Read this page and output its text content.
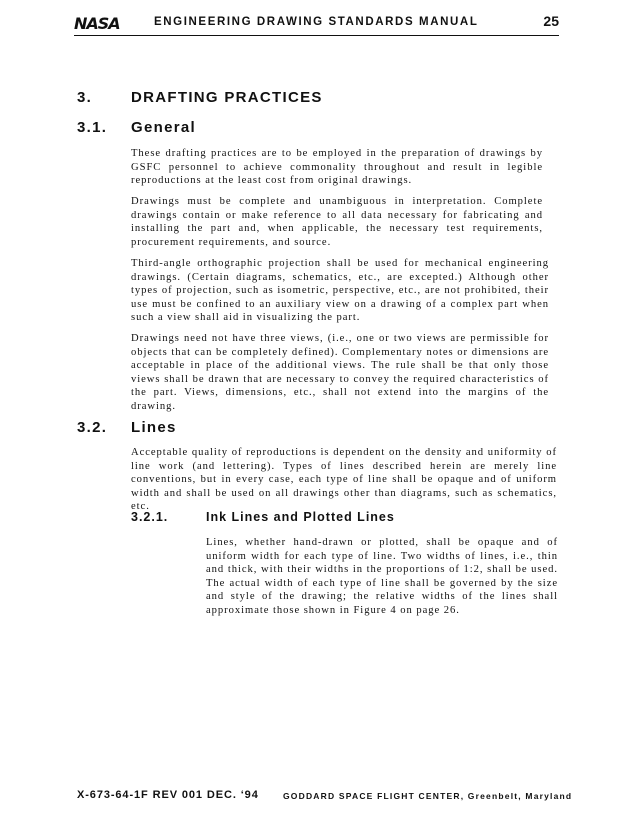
NASA	ENGINEERING DRAWING STANDARDS MANUAL	25
3.	DRAFTING PRACTICES
3.1. General

These drafting practices are to be employed in the preparation of drawings by GSFC personnel to achieve commonality throughout and result in legible reproductions at the least cost from original drawings.

Drawings must be complete and unambiguous in interpretation. Complete drawings contain or make reference to all data necessary for fabricating and installing the part and, when applicable, the necessary test requirements, procurement requirements, and source.

Third-angle orthographic projection shall be used for mechanical engineering drawings. (Certain diagrams, schematics, etc., are excepted.) Although other types of projection, such as isometric, perspective, etc., are not prohibited, their use must be confined to an auxiliary view on a drawing of a complex part when such a view shall aid in visualizing the part.

Drawings need not have three views, (i.e., one or two views are permissible for objects that can be completely defined). Complementary notes or dimensions are acceptable in place of the additional views. The rule shall be that only those views shall be drawn that are necessary to convey the required characteristics of the part. Views, dimensions, etc., shall not extend into the margins of the drawing.

3.2. Lines

Acceptable quality of reproductions is dependent on the density and uniformity of line work (and lettering). Types of lines described herein are merely line conventions, but in every case, each type of line shall be opaque and of uniform width and shall be used on all drawings other than diagrams, such as schematics, etc.

3.2.1.	Ink Lines and Plotted Lines

Lines, whether hand-drawn or plotted, shall be opaque and of uniform width for each type of line. Two widths of lines, i.e., thin and thick, with their widths in the proportions of 1:2, shall be used. The actual width of each type of line shall be governed by the size and style of the drawing; the relative widths of the lines shall approximate those shown in Figure 4 on page 26.

X-673-64-1F REV 001 DEC. ‘94	GODDARD SPACE FLIGHT CENTER, Greenbelt, Maryland
